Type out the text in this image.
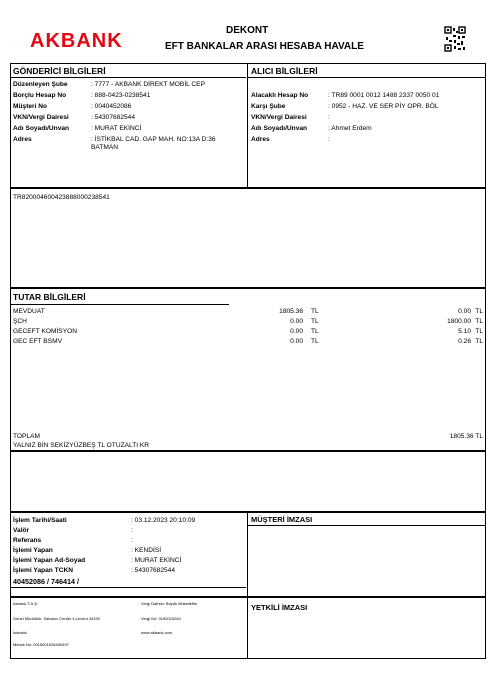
AKBANK	DEKONT
EFT BANKALAR ARASI HESABA HAVALE
GÖNDERİCİ BİLGİLERİ	ALICI BİLGİLERİ
Düzenleyen Şube	: 7777 - AKBANK DİREKT MOBİL CEP
Borçlu Hesap No	: 888-0423-0238541
Müşteri No	: 0040452086
VKN/Vergi Dairesi	: 54307682544
Adı Soyadı/Unvan	: MURAT EKİNCİ
Adres	: İSTİKBAL CAD. GAP MAH. NO:13A D:36
BATMAN
Alacaklı Hesap No	: TR89 0001 0012 1488 2337 0050 01
Karşı Şube	: 0952 - HAZ. VE SER PİY OPR. BÖL
VKN/Vergi Dairesi	:
Adı Soyadı/Unvan	: Ahmet Erdem
Adres	:
TR820004600423888000238541
TUTAR BİLGİLERİ
MEVDUAT	1805.36 TL	0.00 TL
ŞCH	0.00 TL	1800.00 TL
GECEFT KOMİSYON	0.00 TL	5.10 TL
GEC EFT BSMV	0.00 TL	0.26 TL
TOPLAM	1805.36 TL
YALNIZ BİN SEKİZYÜZBEŞ TL OTUZALTI KR
İşlem Tarihi/Saati	: 03.12.2023 20:10:09
Valör	:
Referans	:
İşlemi Yapan	: KENDİSİ
İşlemi Yapan Ad-Soyad	: MURAT EKİNCİ
İşlemi Yapan TCKN	: 54307682544
40452086 / 746414 /
MÜŞTERİ İMZASI
Akbank T.A.Ş.
Genel Müdürlük: Sabancı Center 4.Levent 34330
İstanbul
Mersis No: 0015001526400497
Vergi Dairesi: Büyük Mükellefler
Vergi No: 0150015264
www.akbank.com
YETKİLİ İMZASI
